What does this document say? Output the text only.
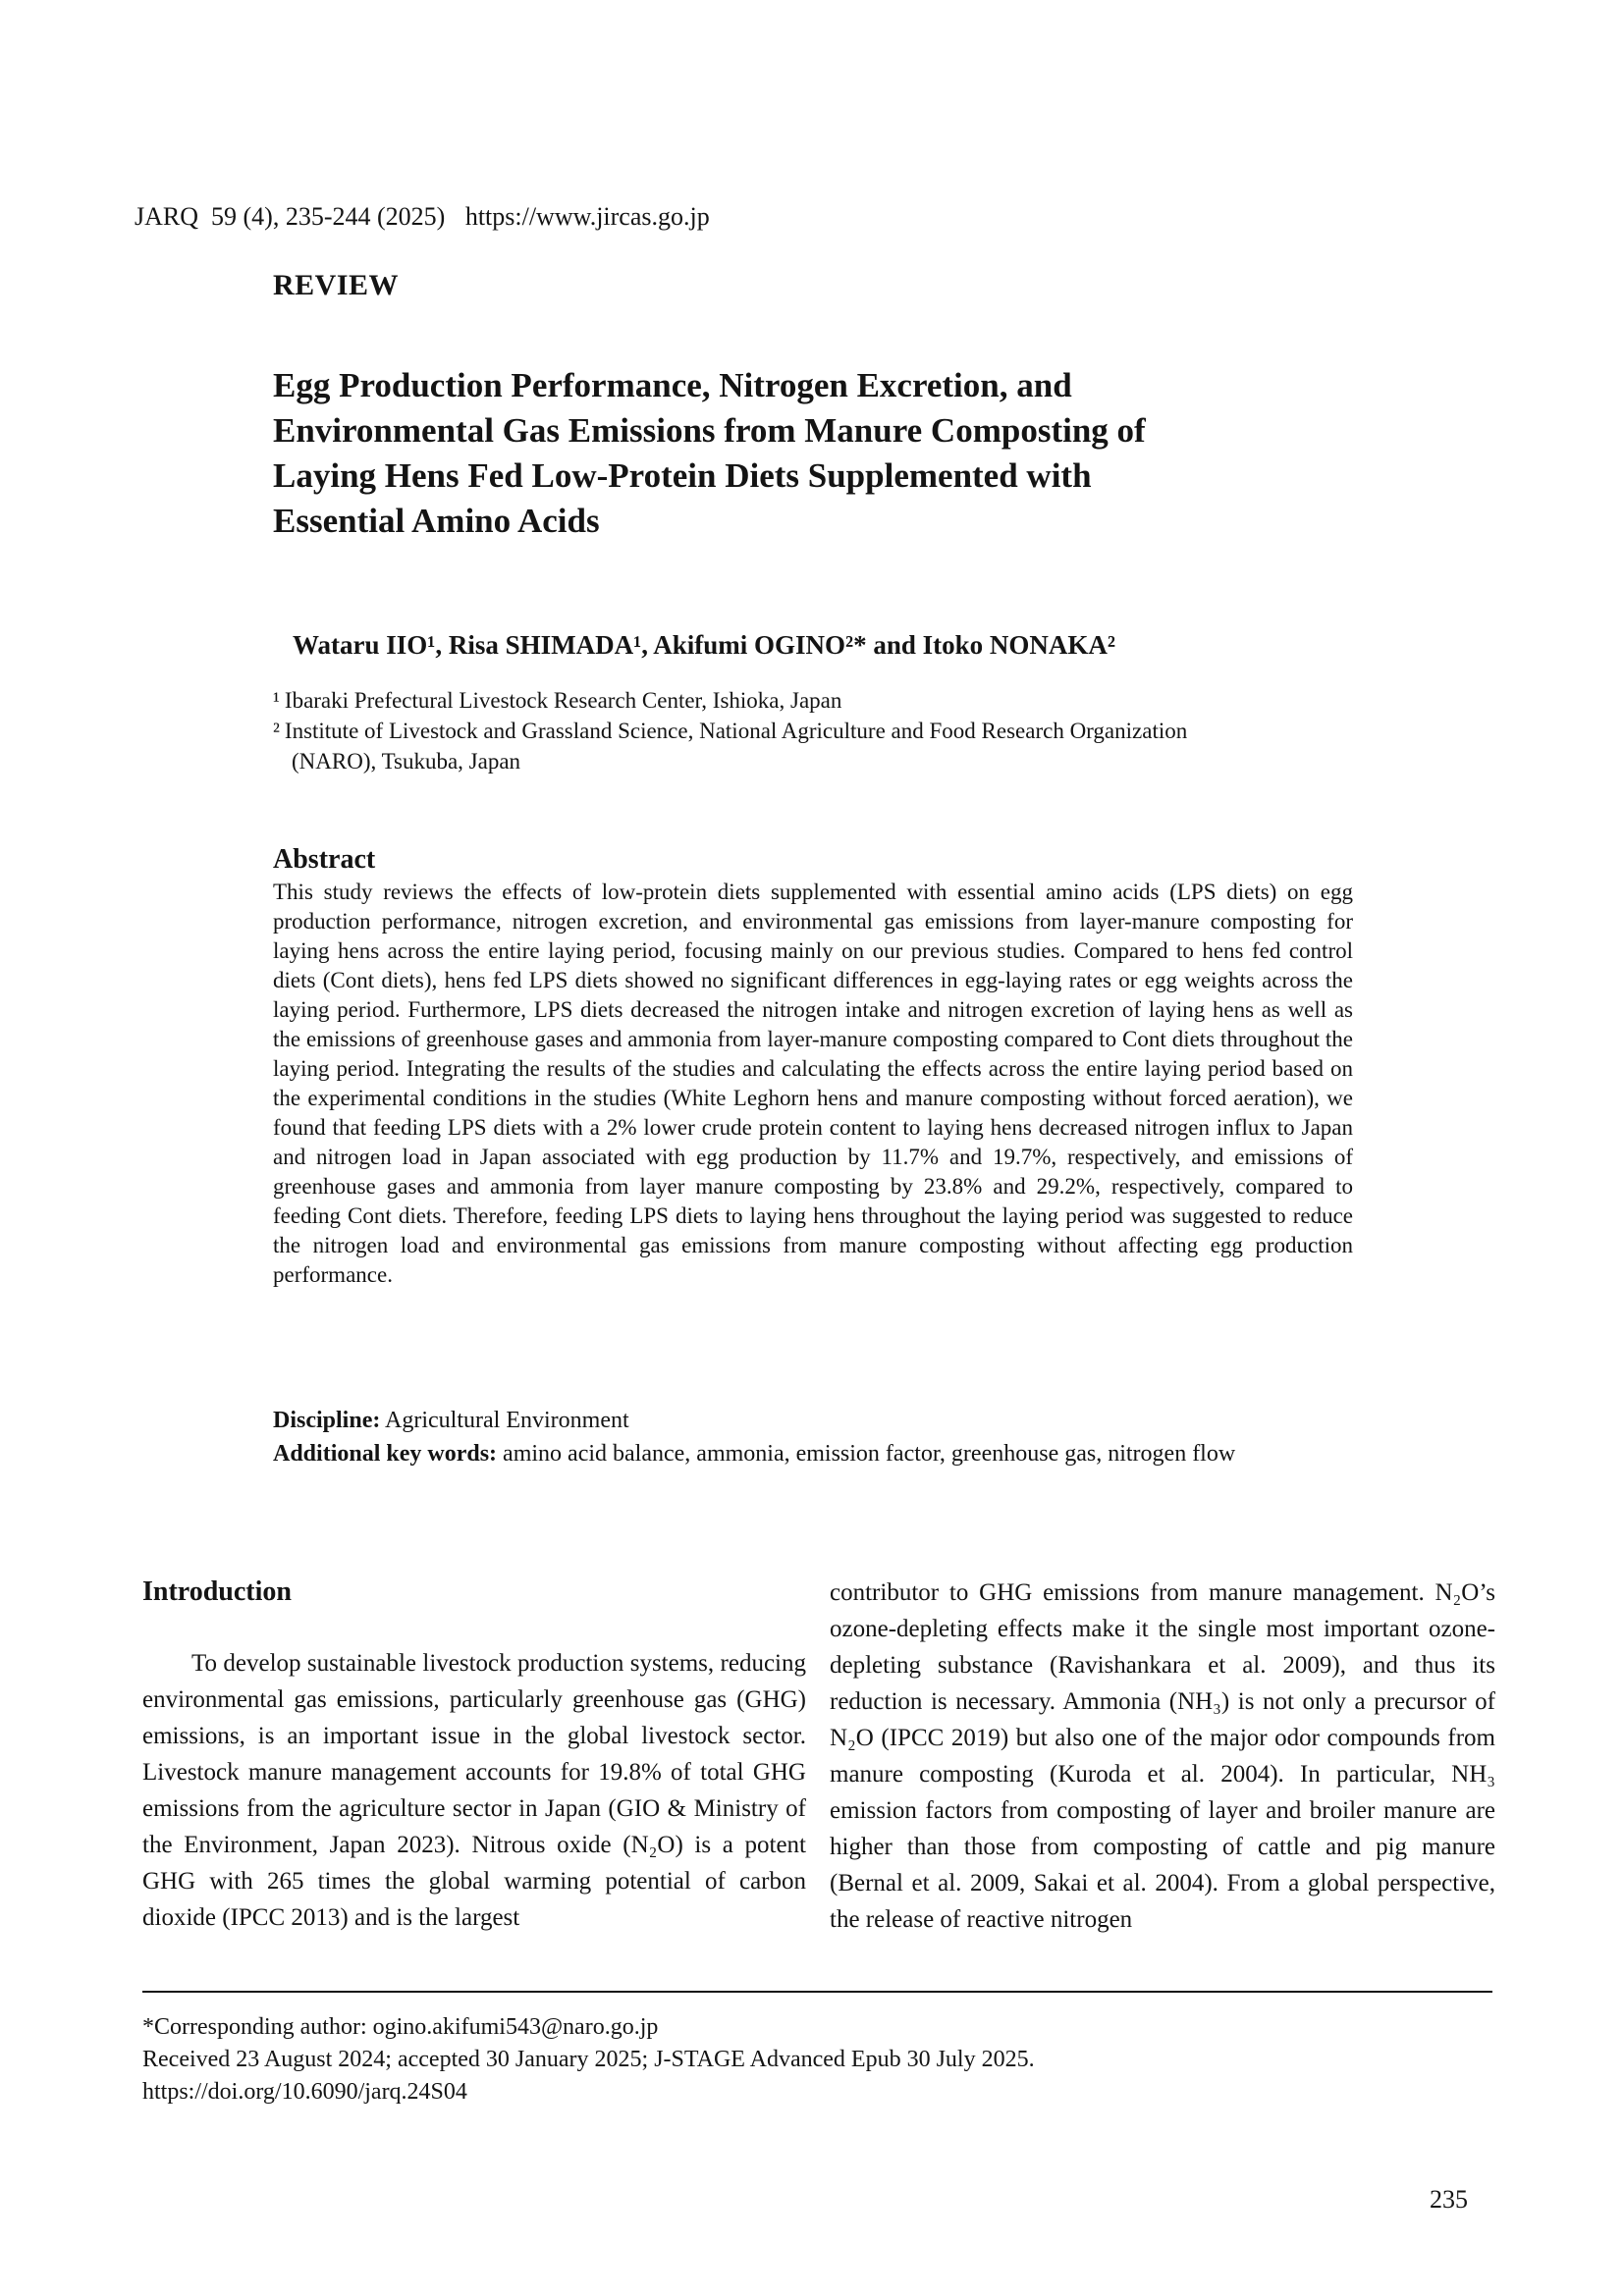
JARQ  59 (4), 235-244 (2025) https://www.jircas.go.jp
REVIEW
Egg Production Performance, Nitrogen Excretion, and
Environmental Gas Emissions from Manure Composting of
Laying Hens Fed Low-Protein Diets Supplemented with
Essential Amino Acids
Wataru IIO¹, Risa SHIMADA¹, Akifumi OGINO²* and Itoko NONAKA²
¹ Ibaraki Prefectural Livestock Research Center, Ishioka, Japan
² Institute of Livestock and Grassland Science, National Agriculture and Food Research Organization
(NARO), Tsukuba, Japan
Abstract
This study reviews the effects of low-protein diets supplemented with essential amino acids (LPS diets) on egg production performance, nitrogen excretion, and environmental gas emissions from layer-manure composting for laying hens across the entire laying period, focusing mainly on our previous studies. Compared to hens fed control diets (Cont diets), hens fed LPS diets showed no significant differences in egg-laying rates or egg weights across the laying period. Furthermore, LPS diets decreased the nitrogen intake and nitrogen excretion of laying hens as well as the emissions of greenhouse gases and ammonia from layer-manure composting compared to Cont diets throughout the laying period. Integrating the results of the studies and calculating the effects across the entire laying period based on the experimental conditions in the studies (White Leghorn hens and manure composting without forced aeration), we found that feeding LPS diets with a 2% lower crude protein content to laying hens decreased nitrogen influx to Japan and nitrogen load in Japan associated with egg production by 11.7% and 19.7%, respectively, and emissions of greenhouse gases and ammonia from layer manure composting by 23.8% and 29.2%, respectively, compared to feeding Cont diets. Therefore, feeding LPS diets to laying hens throughout the laying period was suggested to reduce the nitrogen load and environmental gas emissions from manure composting without affecting egg production performance.
Discipline: Agricultural Environment
Additional key words: amino acid balance, ammonia, emission factor, greenhouse gas, nitrogen flow
Introduction
To develop sustainable livestock production systems, reducing environmental gas emissions, particularly greenhouse gas (GHG) emissions, is an important issue in the global livestock sector. Livestock manure management accounts for 19.8% of total GHG emissions from the agriculture sector in Japan (GIO & Ministry of the Environment, Japan 2023). Nitrous oxide (N₂O) is a potent GHG with 265 times the global warming potential of carbon dioxide (IPCC 2013) and is the largest
contributor to GHG emissions from manure management. N₂O’s ozone-depleting effects make it the single most important ozone-depleting substance (Ravishankara et al. 2009), and thus its reduction is necessary. Ammonia (NH₃) is not only a precursor of N₂O (IPCC 2019) but also one of the major odor compounds from manure composting (Kuroda et al. 2004). In particular, NH₃ emission factors from composting of layer and broiler manure are higher than those from composting of cattle and pig manure (Bernal et al. 2009, Sakai et al. 2004). From a global perspective, the release of reactive nitrogen
*Corresponding author: ogino.akifumi543@naro.go.jp
Received 23 August 2024; accepted 30 January 2025; J-STAGE Advanced Epub 30 July 2025.
https://doi.org/10.6090/jarq.24S04
235
